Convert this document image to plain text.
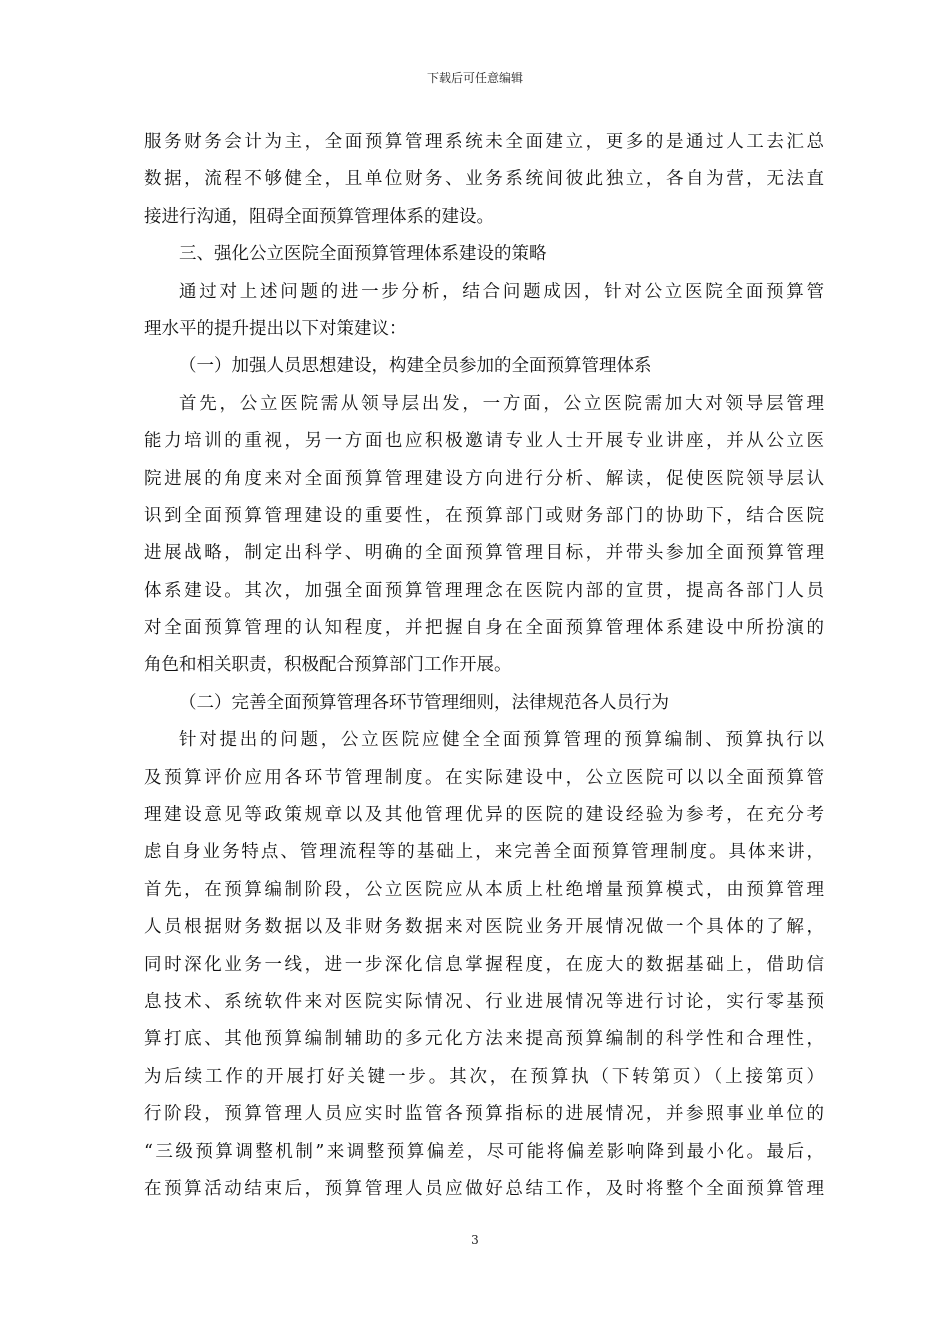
下载后可任意编辑
服务财务会计为主，全面预算管理系统未全面建立，更多的是通过人工去汇总
数据，流程不够健全，且单位财务、业务系统间彼此独立，各自为营，无法直
接进行沟通，阻碍全面预算管理体系的建设。
三、强化公立医院全面预算管理体系建设的策略
通过对上述问题的进一步分析，结合问题成因，针对公立医院全面预算管
理水平的提升提出以下对策建议：
（一）加强人员思想建设，构建全员参加的全面预算管理体系
首先，公立医院需从领导层出发，一方面，公立医院需加大对领导层管理
能力培训的重视，另一方面也应积极邀请专业人士开展专业讲座，并从公立医
院进展的角度来对全面预算管理建设方向进行分析、解读，促使医院领导层认
识到全面预算管理建设的重要性，在预算部门或财务部门的协助下，结合医院
进展战略，制定出科学、明确的全面预算管理目标，并带头参加全面预算管理
体系建设。其次，加强全面预算管理理念在医院内部的宣贯，提高各部门人员
对全面预算管理的认知程度，并把握自身在全面预算管理体系建设中所扮演的
角色和相关职责，积极配合预算部门工作开展。
（二）完善全面预算管理各环节管理细则，法律规范各人员行为
针对提出的问题，公立医院应健全全面预算管理的预算编制、预算执行以
及预算评价应用各环节管理制度。在实际建设中，公立医院可以以全面预算管
理建设意见等政策规章以及其他管理优异的医院的建设经验为参考，在充分考
虑自身业务特点、管理流程等的基础上，来完善全面预算管理制度。具体来讲，
首先，在预算编制阶段，公立医院应从本质上杜绝增量预算模式，由预算管理
人员根据财务数据以及非财务数据来对医院业务开展情况做一个具体的了解，
同时深化业务一线，进一步深化信息掌握程度，在庞大的数据基础上，借助信
息技术、系统软件来对医院实际情况、行业进展情况等进行讨论，实行零基预
算打底、其他预算编制辅助的多元化方法来提高预算编制的科学性和合理性，
为后续工作的开展打好关键一步。其次，在预算执（下转第页）（上接第页）
行阶段，预算管理人员应实时监管各预算指标的进展情况，并参照事业单位的
“三级预算调整机制”来调整预算偏差，尽可能将偏差影响降到最小化。最后，
在预算活动结束后，预算管理人员应做好总结工作，及时将整个全面预算管理
3
